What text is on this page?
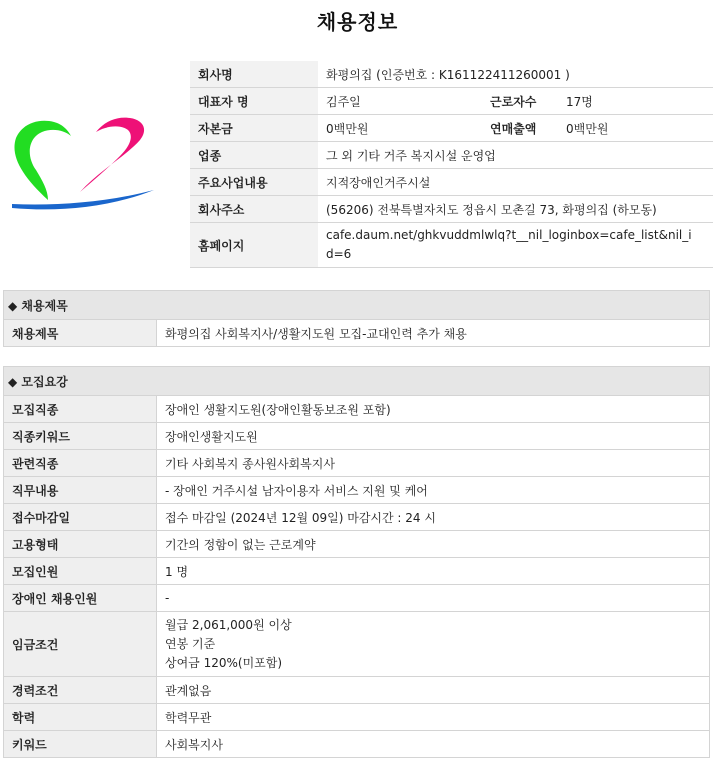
채용정보
회사명	화평의집 (인증번호 : K161122411260001 )		
대표자 명	김주일	근로자수	17명
자본금	0백만원	연매출액	0백만원
업종	그 외 기타 거주 복지시설 운영업		
주요사업내용	지적장애인거주시설		
회사주소	(56206) 전북특별자치도 정읍시 모촌길 73, 화평의집 (하모동)		
홈페이지	cafe.daum.net/ghkvuddmlwlq?t__nil_loginbox=cafe_list&nil_i
d=6		
◆ 채용제목
채용제목	화평의집 사회복지사/생활지도원 모집-교대인력 추가 채용
◆ 모집요강	
모집직종	장애인 생활지도원(장애인활동보조원 포함)
직종키워드	장애인생활지도원
관련직종	기타 사회복지 종사원사회복지사
직무내용	- 장애인 거주시설 남자이용자 서비스 지원 및 케어
접수마감일	접수 마감일 (2024년 12월 09일) 마감시간 : 24 시
고용형태	기간의 정함이 없는 근로계약
모집인원	1 명
장애인 채용인원	-
임금조건	월급 2,061,000원 이상
연봉 기준
상여금 120%(미포함)

경력조건	관계없음
학력	학력무관
키워드	사회복지사
